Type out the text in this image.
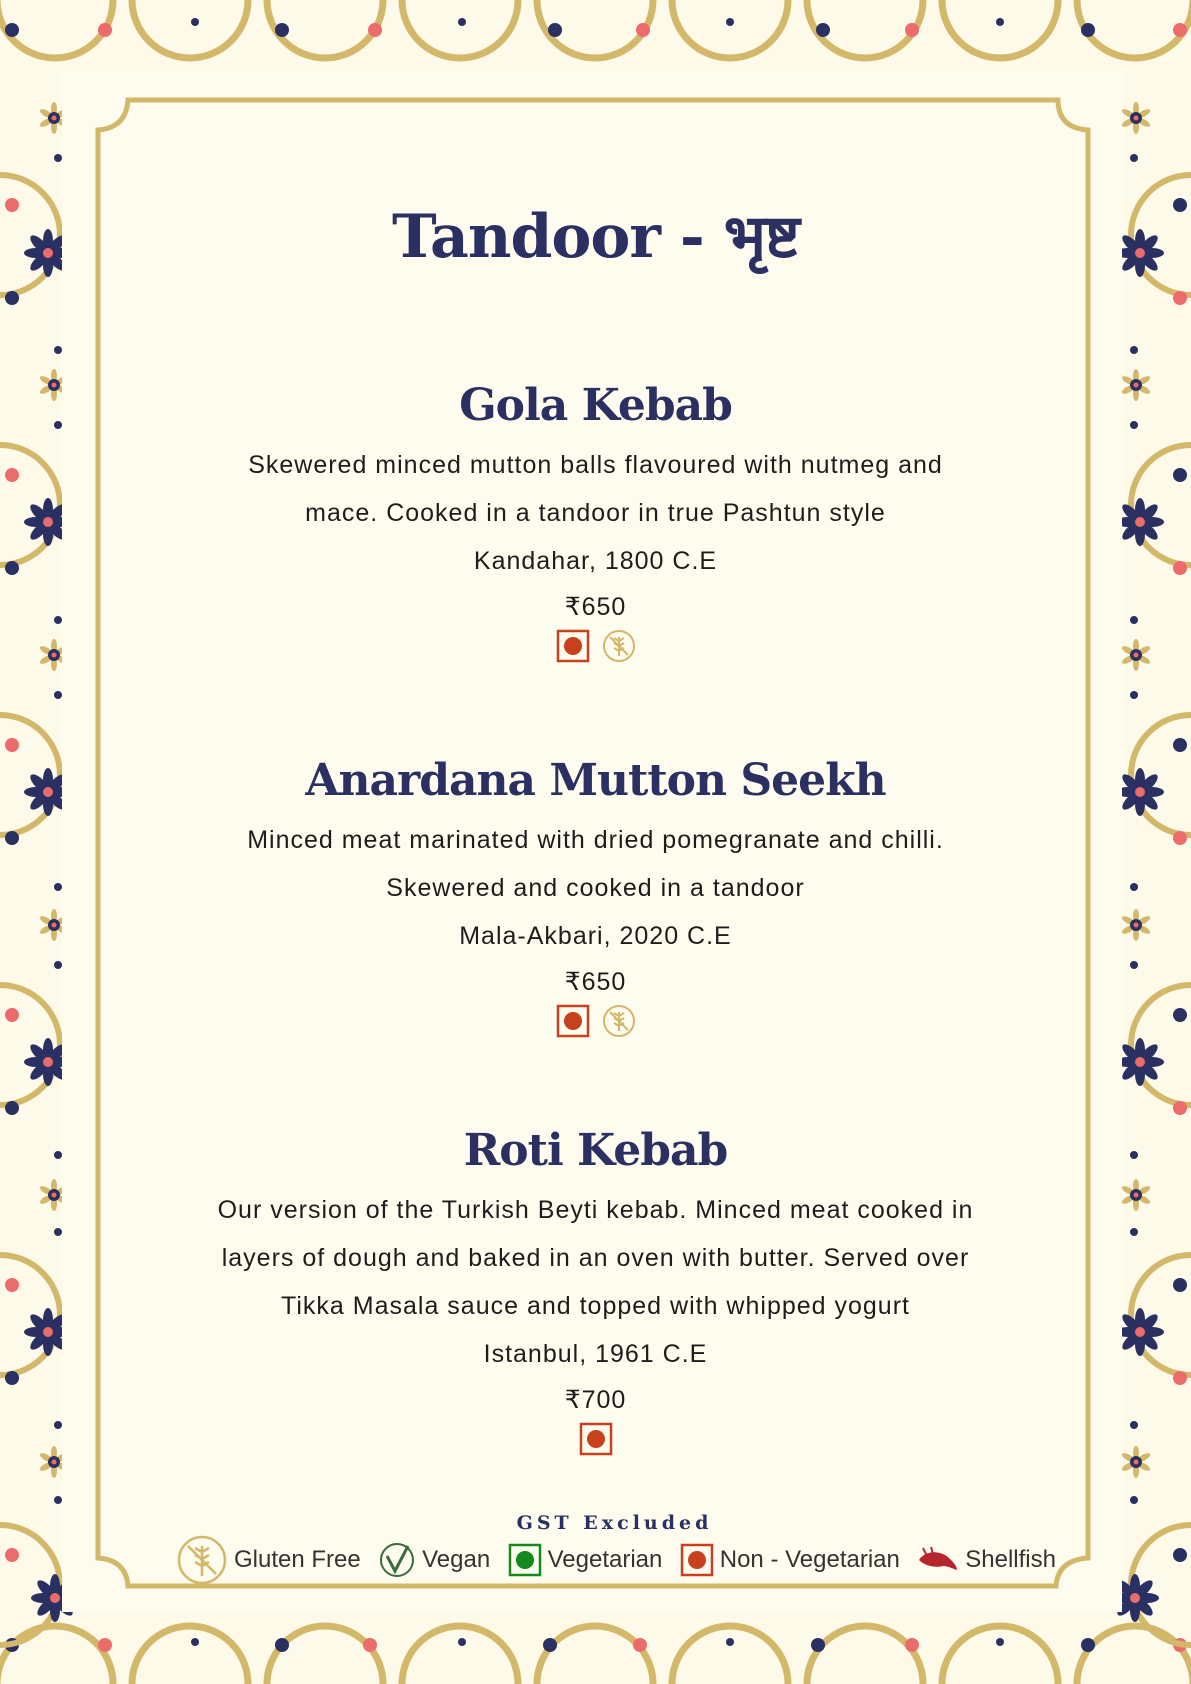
Tandoor - भृष्ट
Gola Kebab
Skewered minced mutton balls flavoured with nutmeg and
mace. Cooked in a tandoor in true Pashtun style
Kandahar, 1800 C.E
₹650
Anardana Mutton Seekh
Minced meat marinated with dried pomegranate and chilli.
Skewered and cooked in a tandoor
Mala-Akbari, 2020 C.E
₹650
Roti Kebab
Our version of the Turkish Beyti kebab. Minced meat cooked in
layers of dough and baked in an oven with butter. Served over
Tikka Masala sauce and topped with whipped yogurt
Istanbul, 1961 C.E
₹700
GST Excluded
Gluten Free	Vegan Vegetarian Non - Vegetarian	Shellfish
